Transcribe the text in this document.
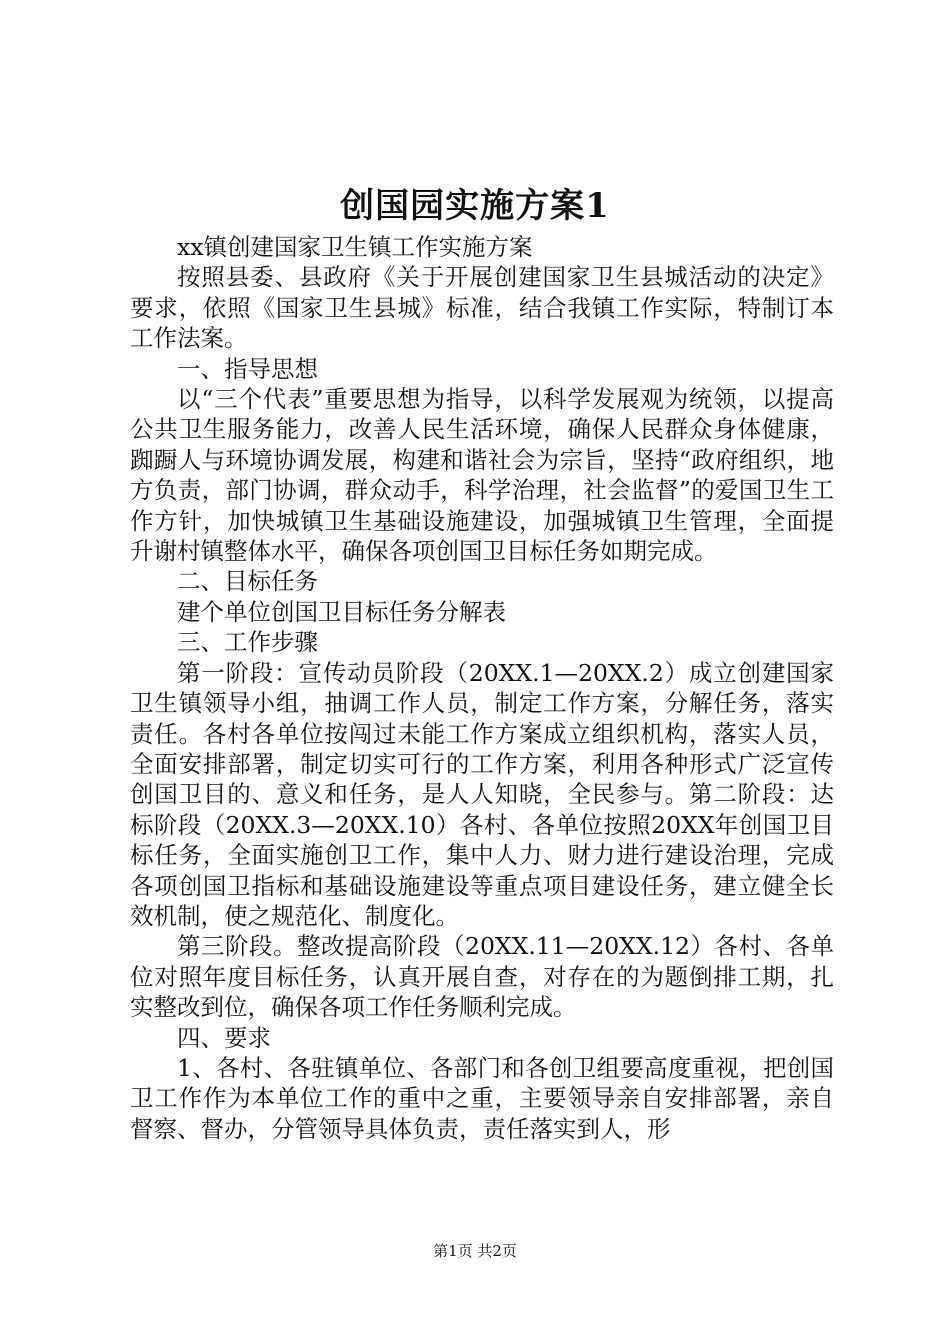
创国园实施方案1

xx镇创建国家卫生镇工作实施方案

按照县委、县政府《关于开展创建国家卫生县城活动的决定》要求，依照《国家卫生县城》标准，结合我镇工作实际，特制订本工作法案。

一、指导思想

以“三个代表”重要思想为指导，以科学发展观为统领，以提高公共卫生服务能力，改善人民生活环境，确保人民群众身体健康，踟蹰人与环境协调发展，构建和谐社会为宗旨，坚持“政府组织，地方负责，部门协调，群众动手，科学治理，社会监督”的爱国卫生工作方针，加快城镇卫生基础设施建设，加强城镇卫生管理，全面提升谢村镇整体水平，确保各项创国卫目标任务如期完成。

二、目标任务

建个单位创国卫目标任务分解表

三、工作步骤

第一阶段：宣传动员阶段（20XX.1—20XX.2）成立创建国家卫生镇领导小组，抽调工作人员，制定工作方案，分解任务，落实责任。各村各单位按闯过未能工作方案成立组织机构，落实人员，全面安排部署，制定切实可行的工作方案，利用各种形式广泛宣传创国卫目的、意义和任务，是人人知晓，全民参与。第二阶段：达标阶段（20XX.3—20XX.10）各村、各单位按照20XX年创国卫目标任务，全面实施创卫工作，集中人力、财力进行建设治理，完成各项创国卫指标和基础设施建设等重点项目建设任务，建立健全长效机制，使之规范化、制度化。

第三阶段。整改提高阶段（20XX.11—20XX.12）各村、各单位对照年度目标任务，认真开展自查，对存在的为题倒排工期，扎实整改到位，确保各项工作任务顺利完成。

四、要求

1、各村、各驻镇单位、各部门和各创卫组要高度重视，把创国卫工作作为本单位工作的重中之重，主要领导亲自安排部署，亲自督察、督办，分管领导具体负责，责任落实到人，形

第1页 共2页
